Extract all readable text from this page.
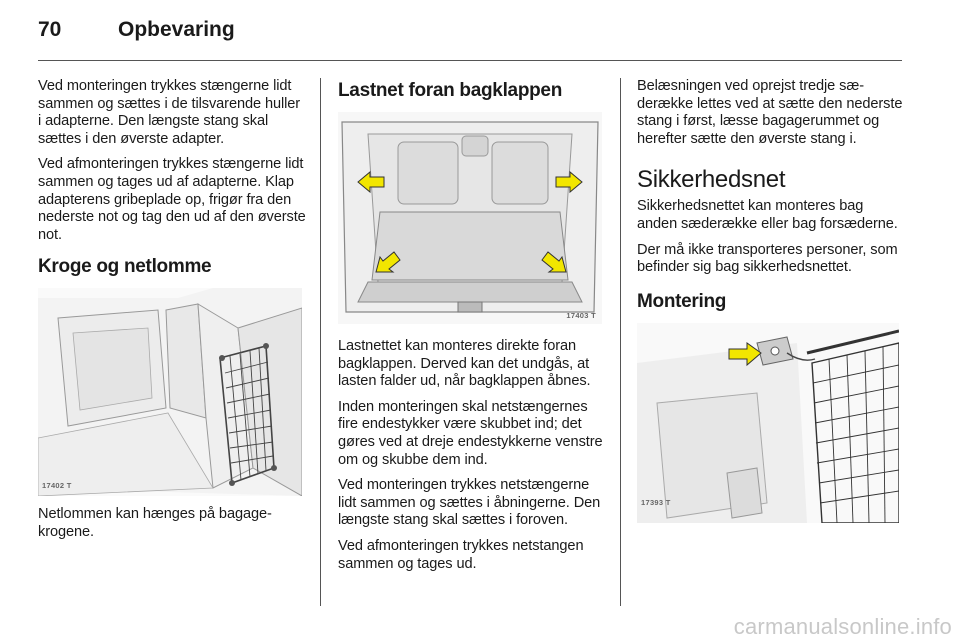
70	Opbevaring

Ved monteringen trykkes stængerne lidt sammen og sættes i de tilsvarende huller i adapterne. Den længste stang skal sættes i den øverste adapter.

Ved afmonteringen trykkes stængerne lidt sammen og tages ud af adapterne. Klap adapterens gribeplade op, frigør fra den nederste not og tag den ud af den øverste not.

Kroge og netlomme
17402 T

Netlommen kan hænges på bagagekrogene.

Lastnet foran bagklappen
17403 T

Lastnettet kan monteres direkte foran bagklappen. Derved kan det undgås, at lasten falder ud, når bagklappen åbnes.

Inden monteringen skal netstængernes fire endestykker være skubbet ind; det gøres ved at dreje endestykkerne venstre om og skubbe dem ind.

Ved monteringen trykkes netstængerne lidt sammen og sættes i åbningerne. Den længste stang skal sættes i foroven.

Ved afmonteringen trykkes netstangen sammen og tages ud.

Belæsningen ved oprejst tredje sæderække lettes ved at sætte den nederste stang i først, læsse bagagerummet og herefter sætte den øverste stang i.

Sikkerhedsnet

Sikkerhedsnettet kan monteres bag anden sæderække eller bag forsæderne.

Der må ikke transporteres personer, som befinder sig bag sikkerhedsnettet.

Montering
17393 T
carmanualsonline.info
